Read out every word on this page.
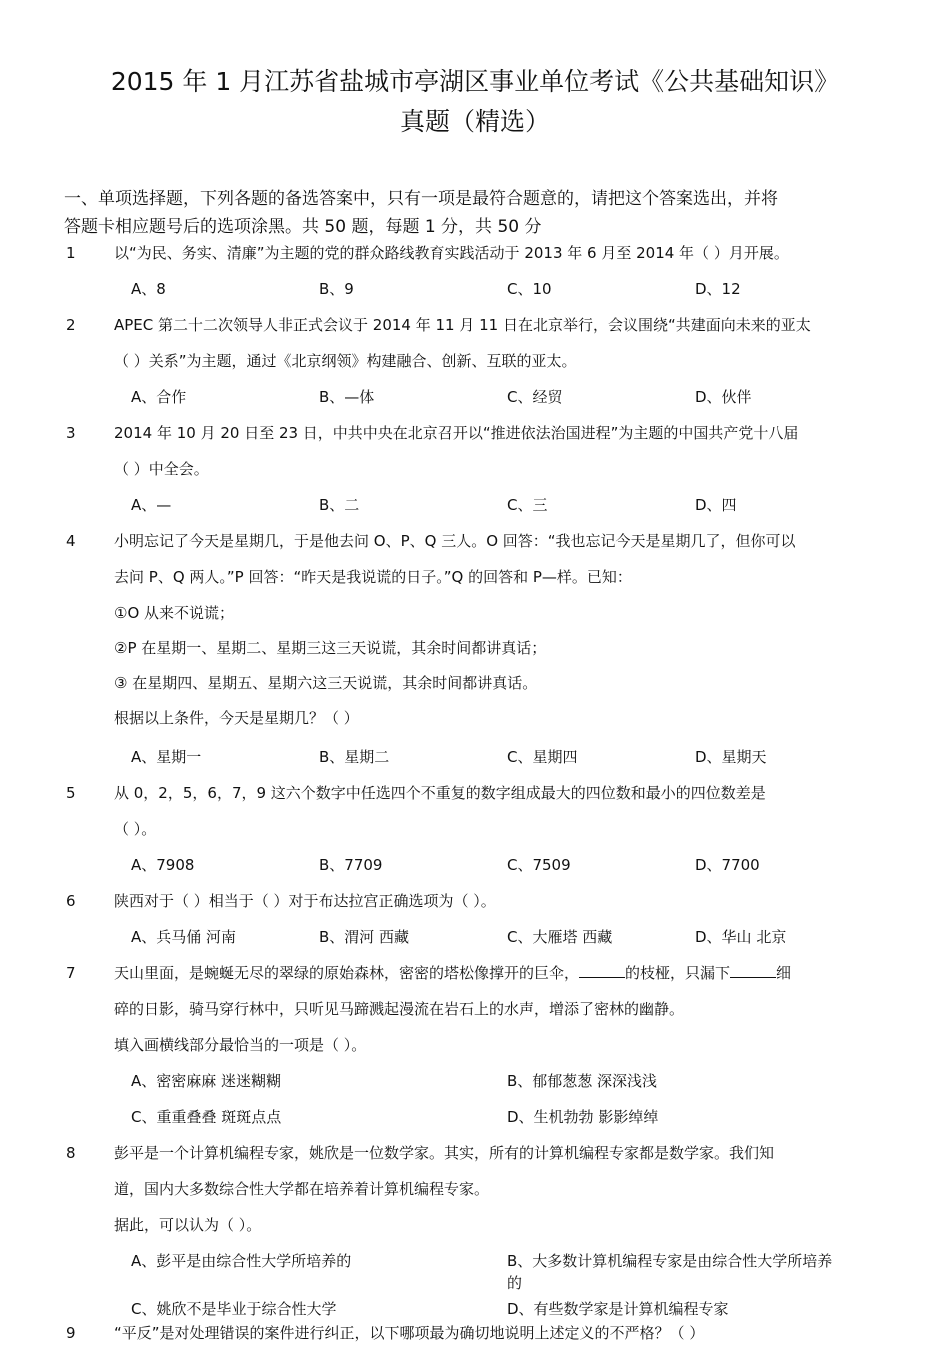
2015 年 1 月江苏省盐城市亭湖区事业单位考试《公共基础知识》
真题（精选）
一、单项选择题，下列各题的备选答案中，只有一项是最符合题意的，请把这个答案选出，并将
答题卡相应题号后的选项涂黑。共 50 题，每题 1 分，共 50 分
1	以“为民、务实、清廉”为主题的党的群众路线教育实践活动于 2013 年 6 月至 2014 年（ ）月开展。
A、8	B、9	C、10	D、12
2	APEC 第二十二次领导人非正式会议于 2014 年 11 月 11 日在北京举行，会议围绕“共建面向未来的亚太
（ ）关系”为主题，通过《北京纲领》构建融合、创新、互联的亚太。
A、合作	B、—体	C、经贸	D、伙伴
3	2014 年 10 月 20 日至 23 日，中共中央在北京召开以“推进依法治国进程”为主题的中国共产党十八届
（ ）中全会。
A、—	B、二	C、三	D、四
4	小明忘记了今天是星期几，于是他去问 O、P、Q 三人。O 回答：“我也忘记今天是星期几了，但你可以
去问 P、Q 两人。”P 回答：“昨天是我说谎的日子。”Q 的回答和 P—样。已知：
①O 从来不说谎；
②P 在星期一、星期二、星期三这三天说谎，其余时间都讲真话；
③ 在星期四、星期五、星期六这三天说谎，其余时间都讲真话。
根据以上条件，今天是星期几？（ ）
A、星期一	B、星期二	C、星期四	D、星期天
5	从 0，2，5，6，7，9 这六个数字中任选四个不重复的数字组成最大的四位数和最小的四位数差是
（ ）。
A、7908	B、7709	C、7509	D、7700
6	陕西对于（ ）相当于（ ）对于布达拉宫正确选项为（ ）。
A、兵马俑 河南	B、渭河 西藏	C、大雁塔 西藏	D、华山 北京
7	天山里面，是蜿蜒无尽的翠绿的原始森林，密密的塔松像撑开的巨伞，	的枝桠，只漏下	细
碎的日影，骑马穿行林中，只听见马蹄溅起漫流在岩石上的水声，增添了密林的幽静。
填入画横线部分最恰当的一项是（ ）。
A、密密麻麻 迷迷糊糊	B、郁郁葱葱 深深浅浅
C、重重叠叠 斑斑点点	D、生机勃勃 影影绰绰
8	彭平是一个计算机编程专家，姚欣是一位数学家。其实，所有的计算机编程专家都是数学家。我们知
道，国内大多数综合性大学都在培养着计算机编程专家。
据此，可以认为（ ）。
A、彭平是由综合性大学所培养的	B、大多数计算机编程专家是由综合性大学所培养的
C、姚欣不是毕业于综合性大学	D、有些数学家是计算机编程专家
9	“平反”是对处理错误的案件进行纠正，以下哪项最为确切地说明上述定义的不严格？（ ）
